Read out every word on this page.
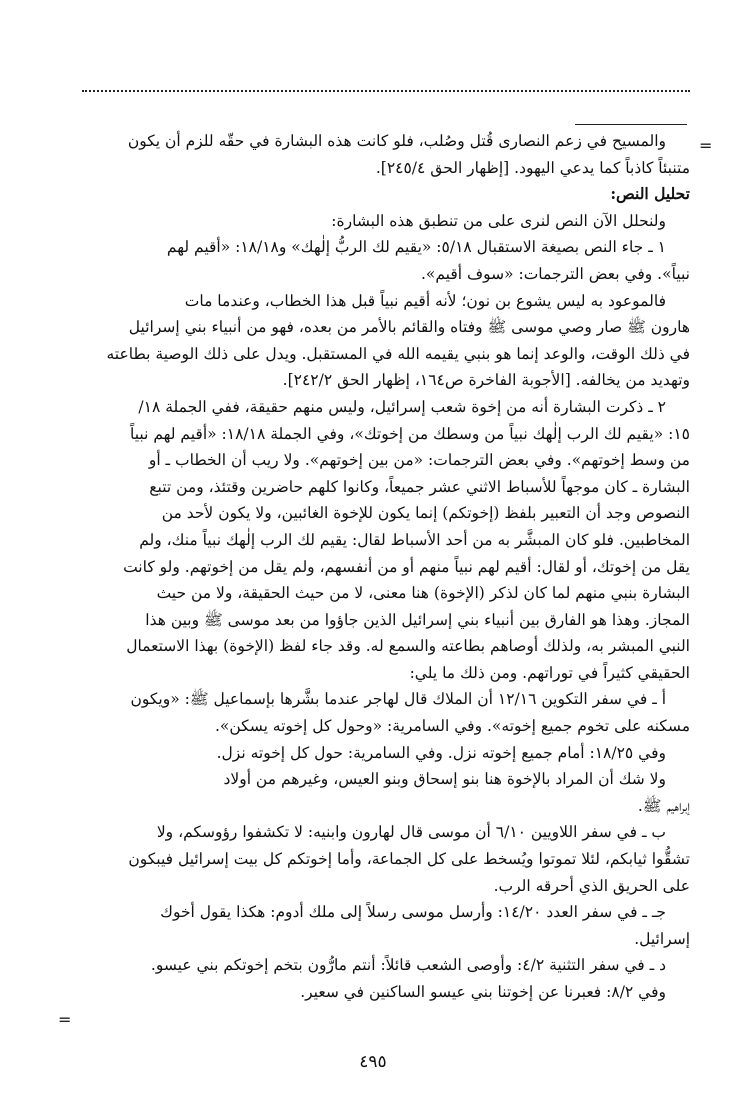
=
=

والمسيح في زعم النصارى قُتل وصُلب، فلو كانت هذه البشارة في حقّه للزم أن يكون

متنبئاً كاذباً كما يدعي اليهود. [إظهار الحق ٢٤٥/٤].

تحليل النص:

ولنحلل الآن النص لنرى على من تنطبق هذه البشارة:

١ ـ جاء النص بصيغة الاستقبال ٥/١٨: «يقيم لك الربُّ إلٰهك» و١٨/١٨: «أقيم لهم

نبياً». وفي بعض الترجمات: «سوف أقيم».

فالموعود به ليس يشوع بن نون؛ لأنه أقيم نبياً قبل هذا الخطاب، وعندما مات

هارون ﷺ صار وصي موسى ﷺ وفتاه والقائم بالأمر من بعده، فهو من أنبياء بني إسرائيل

في ذلك الوقت، والوعد إنما هو بنبي يقيمه الله في المستقبل. ويدل على ذلك الوصية بطاعته

وتهديد من يخالفه. [الأجوبة الفاخرة ص١٦٤، إظهار الحق ٢٤٢/٢].

٢ ـ ذكرت البشارة أنه من إخوة شعب إسرائيل، وليس منهم حقيقة، ففي الجملة ١٨/

١٥: «يقيم لك الرب إلٰهك نبياً من وسطك من إخوتك»، وفي الجملة ١٨/١٨: «أقيم لهم نبياً

من وسط إخوتهم». وفي بعض الترجمات: «من بين إخوتهم». ولا ريب أن الخطاب ـ أو

البشارة ـ كان موجهاً للأسباط الاثني عشر جميعاً، وكانوا كلهم حاضرين وقتئذ، ومن تتبع

النصوص وجد أن التعبير بلفظ (إخوتكم) إنما يكون للإخوة الغائبين، ولا يكون لأحد من

المخاطبين. فلو كان المبشَّر به من أحد الأسباط لقال: يقيم لك الرب إلٰهك نبياً منك، ولم

يقل من إخوتك، أو لقال: أقيم لهم نبياً منهم أو من أنفسهم، ولم يقل من إخوتهم. ولو كانت

البشارة بنبي منهم لما كان لذكر (الإخوة) هنا معنى، لا من حيث الحقيقة، ولا من حيث

المجاز. وهذا هو الفارق بين أنبياء بني إسرائيل الذين جاؤوا من بعد موسى ﷺ وبين هذا

النبي المبشر به، ولذلك أوصاهم بطاعته والسمع له. وقد جاء لفظ (الإخوة) بهذا الاستعمال

الحقيقي كثيراً في توراتهم. ومن ذلك ما يلي:

أ ـ في سفر التكوين ١٢/١٦ أن الملاك قال لهاجر عندما بشَّرها بإسماعيل ﷺ: «ويكون

مسكنه على تخوم جميع إخوته». وفي السامرية: «وحول كل إخوته يسكن».

وفي ١٨/٢٥: أمام جميع إخوته نزل. وفي السامرية: حول كل إخوته نزل.

ولا شك أن المراد بالإخوة هنا بنو إسحاق وبنو العيس، وغيرهم من أولاد

إبراهيم ﷺ.

ب ـ في سفر اللاويين ٦/١٠ أن موسى قال لهارون وابنيه: لا تكشفوا رؤوسكم، ولا

تشقُّوا ثيابكم، لئلا تموتوا ويُسخط على كل الجماعة، وأما إخوتكم كل بيت إسرائيل فيبكون

على الحريق الذي أحرقه الرب.

جـ ـ في سفر العدد ١٤/٢٠: وأرسل موسى رسلاً إلى ملك أدوم: هكذا يقول أخوك

إسرائيل.

د ـ في سفر التثنية ٤/٢: وأوصى الشعب قائلاً: أنتم مارُّون بتخم إخوتكم بني عيسو.

وفي ٨/٢: فعبرنا عن إخوتنا بني عيسو الساكنين في سعير.

٤٩٥
